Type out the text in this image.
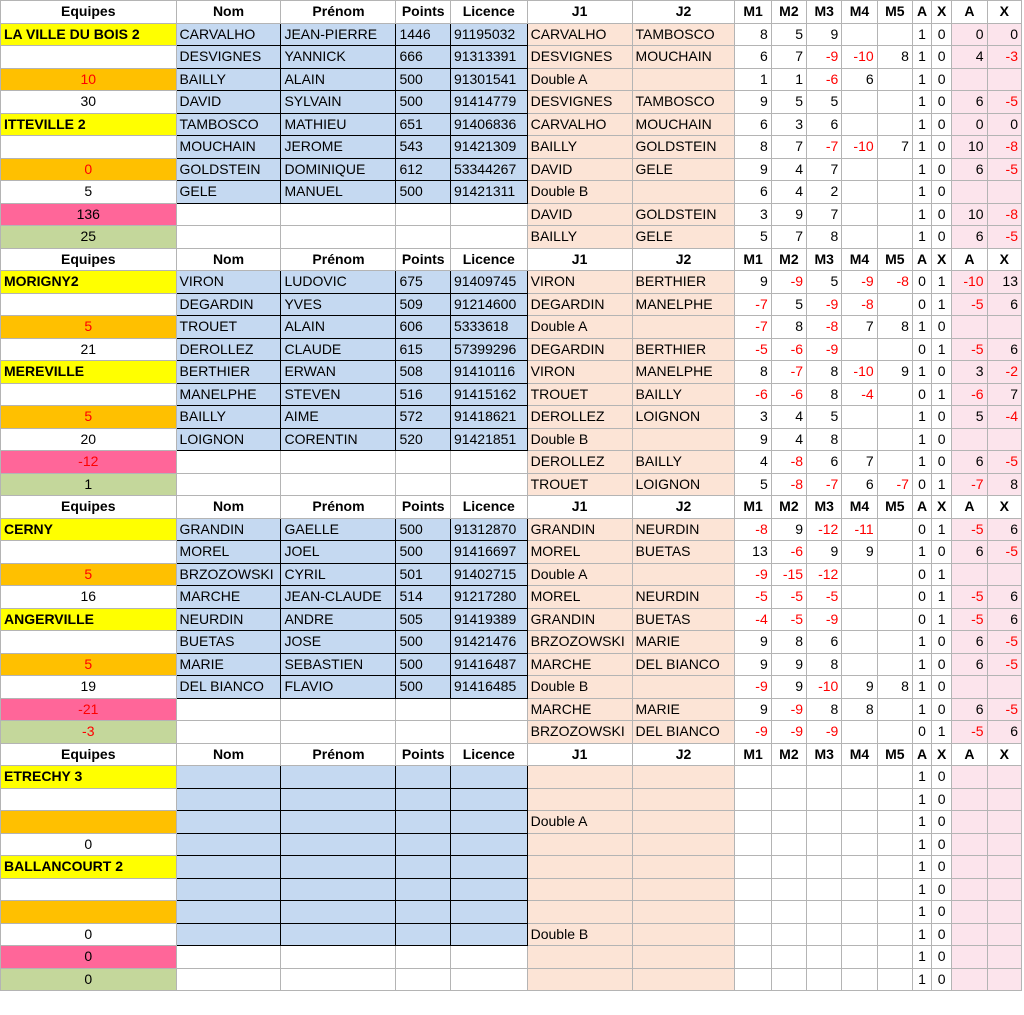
Equipes	Nom	Prénom	Points	Licence	J1	J2	M1	M2	M3	M4	M5	A	X	A	X
LA VILLE DU BOIS 2	CARVALHO	JEAN-PIERRE	1446	91195032	CARVALHO	TAMBOSCO	8	5	9			1	0	0	0
	DESVIGNES	YANNICK	666	91313391	DESVIGNES	MOUCHAIN	6	7	-9	-10	8	1	0	4	-3
10	BAILLY	ALAIN	500	91301541	Double A		1	1	-6	6		1	0		
30	DAVID	SYLVAIN	500	91414779	DESVIGNES	TAMBOSCO	9	5	5			1	0	6	-5
ITTEVILLE 2	TAMBOSCO	MATHIEU	651	91406836	CARVALHO	MOUCHAIN	6	3	6			1	0	0	0
	MOUCHAIN	JEROME	543	91421309	BAILLY	GOLDSTEIN	8	7	-7	-10	7	1	0	10	-8
0	GOLDSTEIN	DOMINIQUE	612	53344267	DAVID	GELE	9	4	7			1	0	6	-5
5	GELE	MANUEL	500	91421311	Double B		6	4	2			1	0		
136					DAVID	GOLDSTEIN	3	9	7			1	0	10	-8
25					BAILLY	GELE	5	7	8			1	0	6	-5
Equipes	Nom	Prénom	Points	Licence	J1	J2	M1	M2	M3	M4	M5	A	X	A	X
MORIGNY2	VIRON	LUDOVIC	675	91409745	VIRON	BERTHIER	9	-9	5	-9	-8	0	1	-10	13
	DEGARDIN	YVES	509	91214600	DEGARDIN	MANELPHE	-7	5	-9	-8		0	1	-5	6
5	TROUET	ALAIN	606	5333618	Double A		-7	8	-8	7	8	1	0		
21	DEROLLEZ	CLAUDE	615	57399296	DEGARDIN	BERTHIER	-5	-6	-9			0	1	-5	6
MEREVILLE	BERTHIER	ERWAN	508	91410116	VIRON	MANELPHE	8	-7	8	-10	9	1	0	3	-2
	MANELPHE	STEVEN	516	91415162	TROUET	BAILLY	-6	-6	8	-4		0	1	-6	7
5	BAILLY	AIME	572	91418621	DEROLLEZ	LOIGNON	3	4	5			1	0	5	-4
20	LOIGNON	CORENTIN	520	91421851	Double B		9	4	8			1	0		
-12					DEROLLEZ	BAILLY	4	-8	6	7		1	0	6	-5
1					TROUET	LOIGNON	5	-8	-7	6	-7	0	1	-7	8
Equipes	Nom	Prénom	Points	Licence	J1	J2	M1	M2	M3	M4	M5	A	X	A	X
CERNY	GRANDIN	GAELLE	500	91312870	GRANDIN	NEURDIN	-8	9	-12	-11		0	1	-5	6
	MOREL	JOEL	500	91416697	MOREL	BUETAS	13	-6	9	9		1	0	6	-5
5	BRZOZOWSKI	CYRIL	501	91402715	Double A		-9	-15	-12			0	1		
16	MARCHE	JEAN-CLAUDE	514	91217280	MOREL	NEURDIN	-5	-5	-5			0	1	-5	6
ANGERVILLE	NEURDIN	ANDRE	505	91419389	GRANDIN	BUETAS	-4	-5	-9			0	1	-5	6
	BUETAS	JOSE	500	91421476	BRZOZOWSKI	MARIE	9	8	6			1	0	6	-5
5	MARIE	SEBASTIEN	500	91416487	MARCHE	DEL BIANCO	9	9	8			1	0	6	-5
19	DEL BIANCO	FLAVIO	500	91416485	Double B		-9	9	-10	9	8	1	0		
-21					MARCHE	MARIE	9	-9	8	8		1	0	6	-5
-3					BRZOZOWSKI	DEL BIANCO	-9	-9	-9			0	1	-5	6
Equipes	Nom	Prénom	Points	Licence	J1	J2	M1	M2	M3	M4	M5	A	X	A	X
ETRECHY 3												1	0		
												1	0		
					Double A							1	0		
0												1	0		
BALLANCOURT 2												1	0		
												1	0		
												1	0		
0					Double B							1	0		
0												1	0		
0												1	0		
